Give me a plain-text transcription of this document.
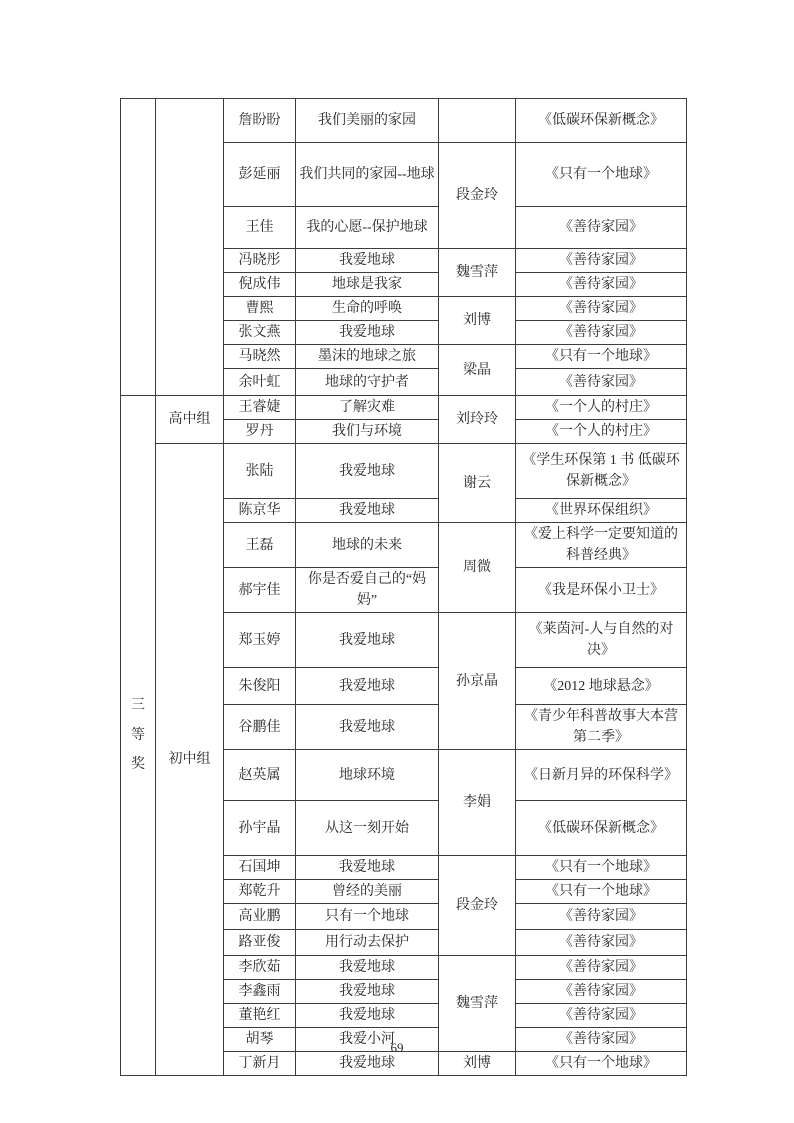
		詹盼盼	我们美丽的家园		《低碳环保新概念》
		彭延丽	我们共同的家园--地球	段金玲	《只有一个地球》
		王佳	我的心愿--保护地球		《善待家园》
		冯晓彤	我爱地球	魏雪萍	《善待家园》
		倪成伟	地球是我家		《善待家园》
		曹熙	生命的呼唤	刘博	《善待家园》
		张文燕	我爱地球		《善待家园》
		马晓然	墨沫的地球之旅	梁晶	《只有一个地球》
		余叶虹	地球的守护者		《善待家园》

三
等
奖	高中组	王睿婕	了解灾难	刘玲玲	《一个人的村庄》
		罗丹	我们与环境		《一个人的村庄》
	初中组	张陆	我爱地球	谢云	《学生环保第 1 书 低碳环保新概念》
		陈京华	我爱地球		《世界环保组织》
		王磊	地球的未来	周微	《爱上科学一定要知道的科普经典》
		郝宇佳	你是否爱自己的“妈妈”		《我是环保小卫士》
		郑玉婷	我爱地球	孙京晶	《莱茵河-人与自然的对决》
		朱俊阳	我爱地球		《2012 地球悬念》
		谷鹏佳	我爱地球		《青少年科普故事大本营第二季》
		赵英属	地球环境	李娟	《日新月异的环保科学》
		孙宇晶	从这一刻开始		《低碳环保新概念》
		石国坤	我爱地球	段金玲	《只有一个地球》
		郑乾升	曾经的美丽		《只有一个地球》
		高业鹏	只有一个地球		《善待家园》
		路亚俊	用行动去保护		《善待家园》
		李欣茹	我爱地球	魏雪萍	《善待家园》
		李鑫雨	我爱地球		《善待家园》
		董艳红	我爱地球		《善待家园》
		胡琴	我爱小河		《善待家园》
		丁新月	我爱地球	刘博	《只有一个地球》
69
